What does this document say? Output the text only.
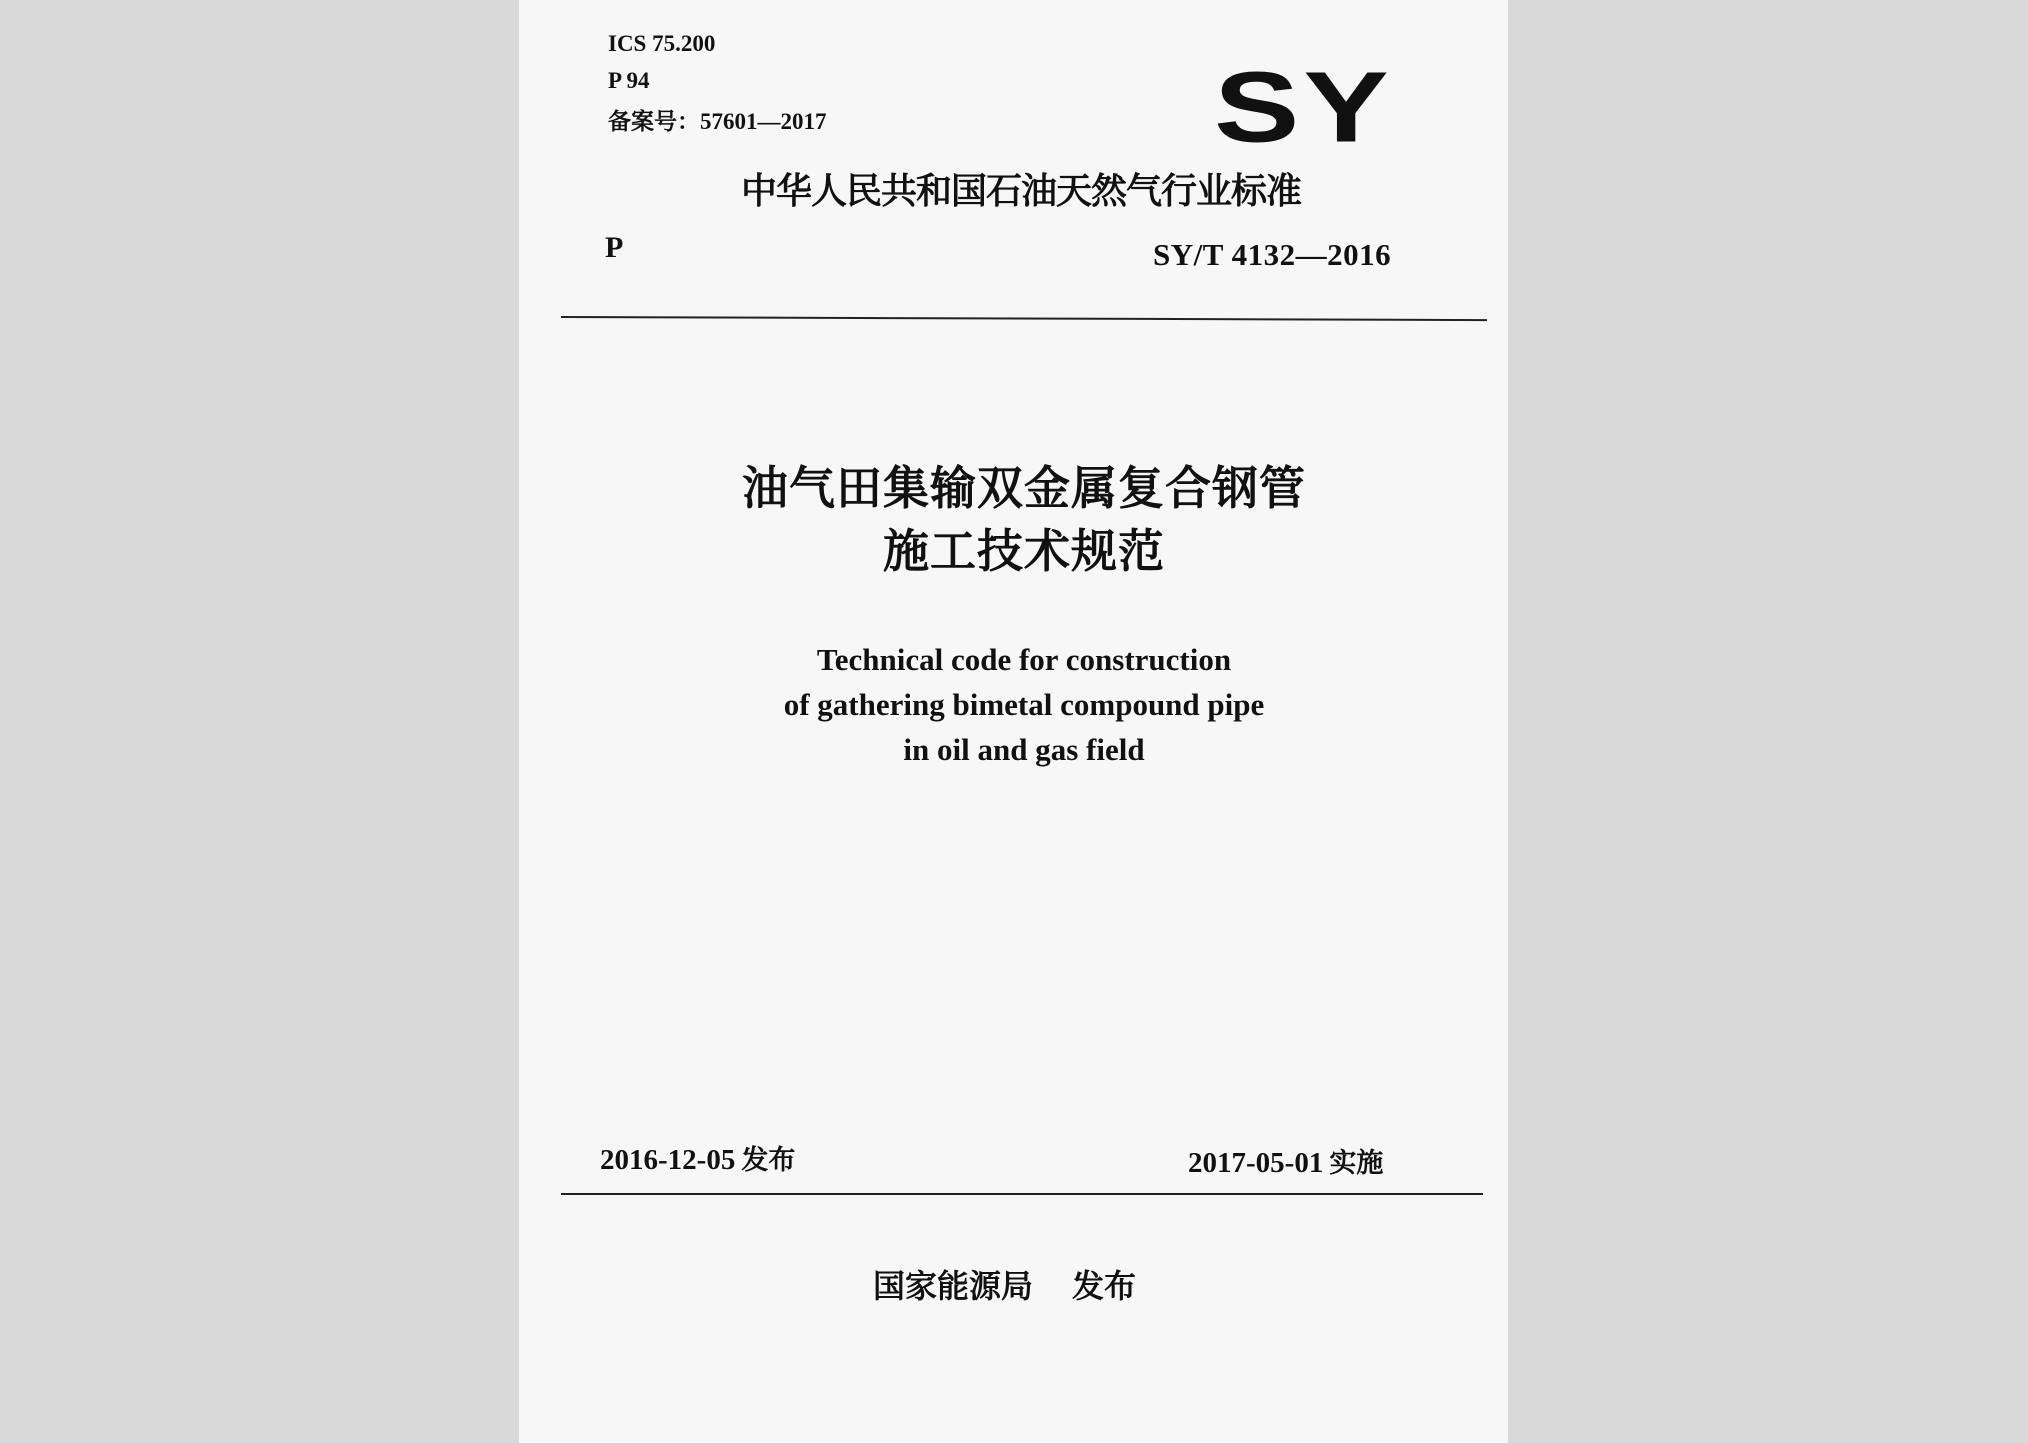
ICS 75.200
P 94
备案号：57601—2017	SY
中华人民共和国石油天然气行业标准
P	SY/T 4132—2016
油气田集输双金属复合钢管
施工技术规范
Technical code for construction
of gathering bimetal compound pipe
in oil and gas field
2016-12-05 发布	2017-05-01 实施
国家能源局 发布
